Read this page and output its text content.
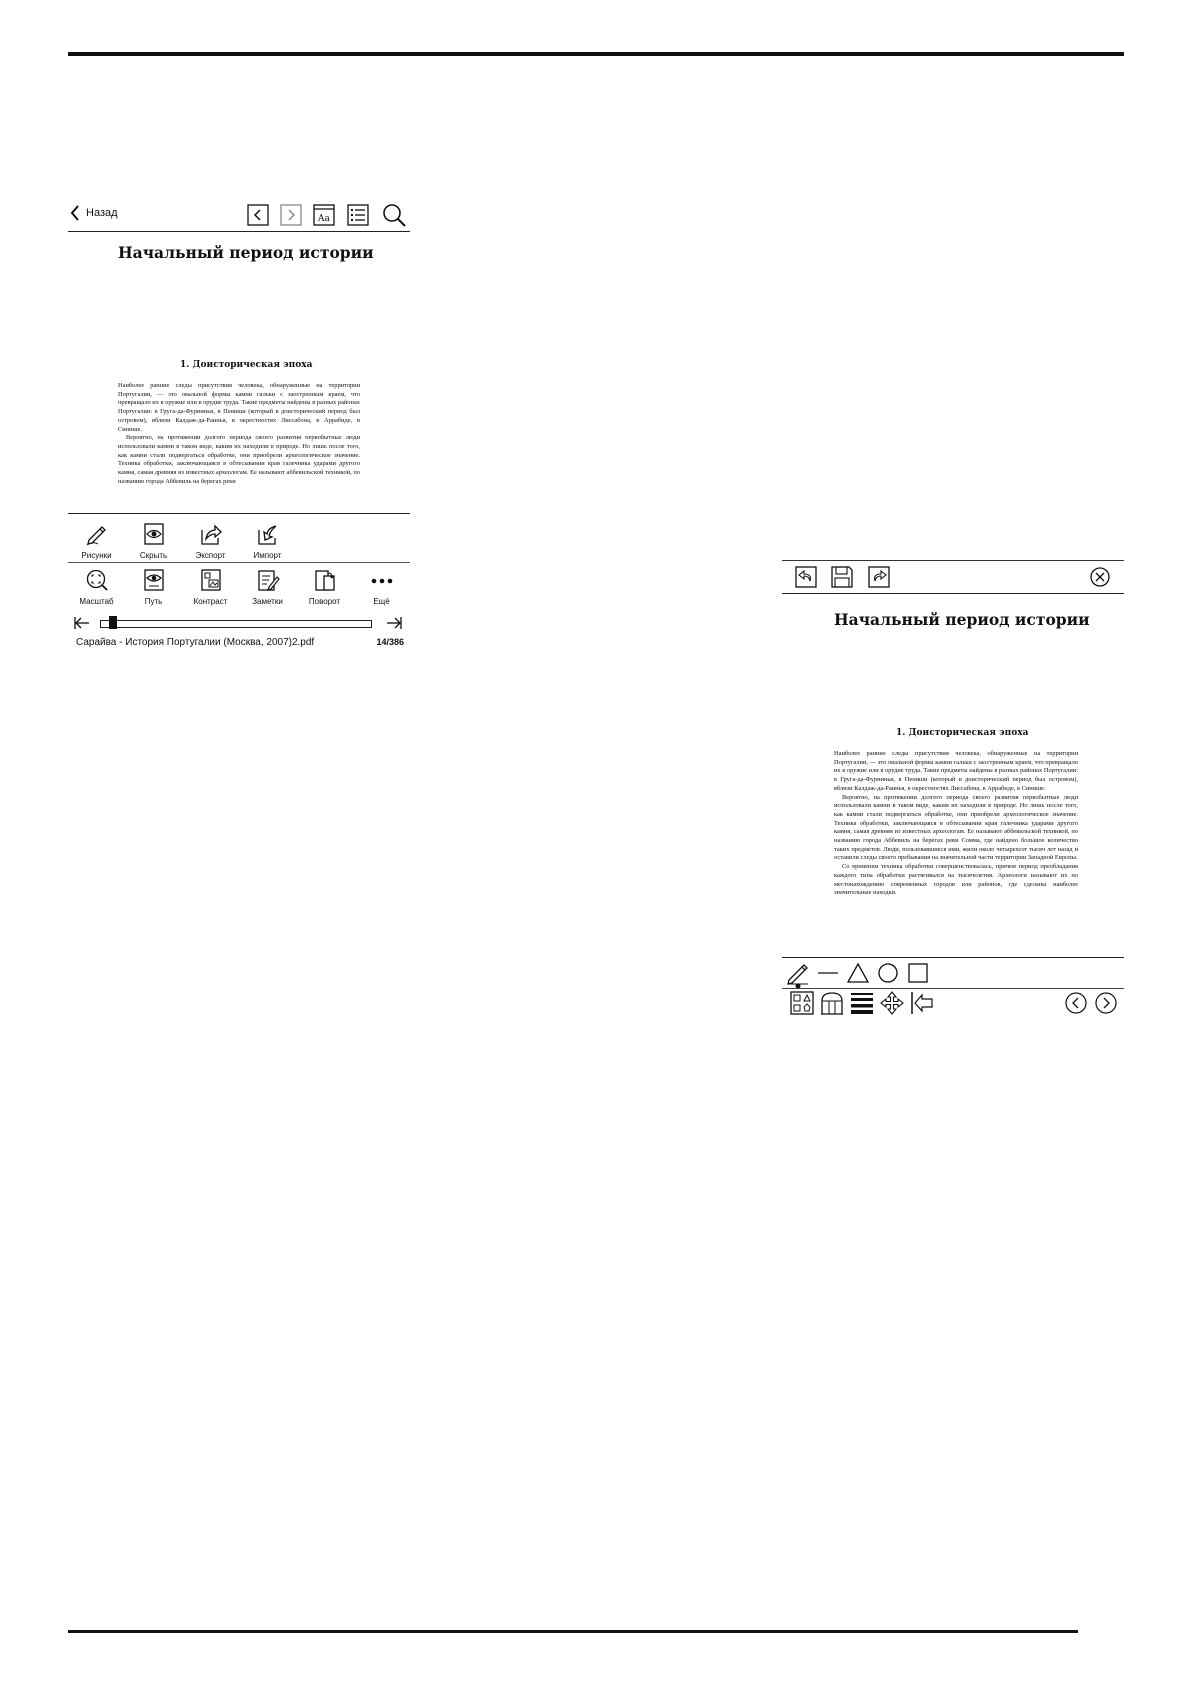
Назад	Aa
Начальный период истории
1. Доисторическая эпоха

Наиболее ранние следы присутствия человека, обнаруженные на территории Португалии, — это овальной формы камни гальки с заостренным краем, что превращало их в оружие или в орудие труда. Такие предметы найдены в разных районах Португалии: в Груга-да-Фурниньи, в Пениши (который в доисторический период был островом), вблизи Калдаж-да-Раинья, в окрестностях Лиссабона, в Аррабиде, в Синише.

Вероятно, на протяжении долгого периода своего развития первобытные люди использовали камни в таком виде, каким их находили в природе. Но лишь после того, как камни стали подвергаться обработке, они приобрели археологическое значение. Техника обработки, заключающаяся в обтесывании края галечника ударами другого камня, самая древняя из известных археологам. Ее называют аббевильской техникой, по названию города Аббевиль на берегах реки

Рисунки	Скрыть	Экспорт	Импорт
Масштаб	Путь	Контраст	Заметки	Поворот	Ещё
Сарайва - История Португалии (Москва, 2007)2.pdf	14/386
Начальный период истории
1. Доисторическая эпоха

Наиболее ранние следы присутствия человека, обнаруженные на территории Португалии, — это овальной формы камни гальки с заостренным краем, что превращало их в оружие или в орудие труда. Такие предметы найдены в разных районах Португалии: в Груга-да-Фурниньи, в Пениши (который в доисторический период был островом), вблизи Калдаж-да-Раинья, в окрестностях Лиссабона, в Аррабиде, в Синише.

Вероятно, на протяжении долгого периода своего развития первобытные люди использовали камни в таком виде, каким их находили в природе. Но лишь после того, как камни стали подвергаться обработке, они приобрели археологическое значение. Техника обработки, заключающаяся в обтесывании края галечника ударами другого камня, самая древняя из известных археологам. Ее называют аббевильской техникой, по названию города Аббевиль на берегах реки Сомма, где найдено большое количество таких предметов. Люди, пользовавшиеся ими, жили около четырехсот тысяч лет назад и оставили следы своего пребывания на значительной части территории Западной Европы.

Со временем техника обработки совершенствовалась, причем период преобладания каждого типа обработки растягивался на тысячелетия. Археологи называют их по местонахождению современных городов или районов, где сделаны наиболее значительные находки.
